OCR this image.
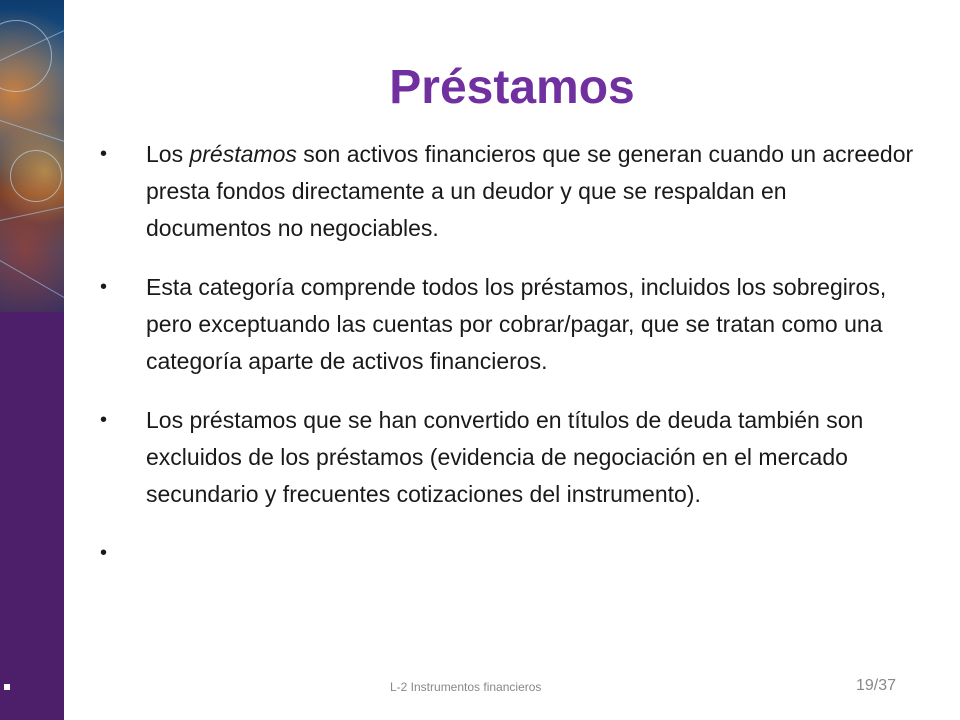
Préstamos
• Los préstamos son activos financieros que se generan cuando un acreedor presta fondos directamente a un deudor y que se respaldan en documentos no negociables.
• Esta categoría comprende todos los préstamos, incluidos los sobregiros, pero exceptuando las cuentas por cobrar/pagar, que se tratan como una categoría aparte de activos financieros.
• Los préstamos que se han convertido en títulos de deuda también son excluidos de los préstamos (evidencia de negociación en el mercado secundario y frecuentes cotizaciones del instrumento).
•
L-2 Instrumentos financieros	19/37
